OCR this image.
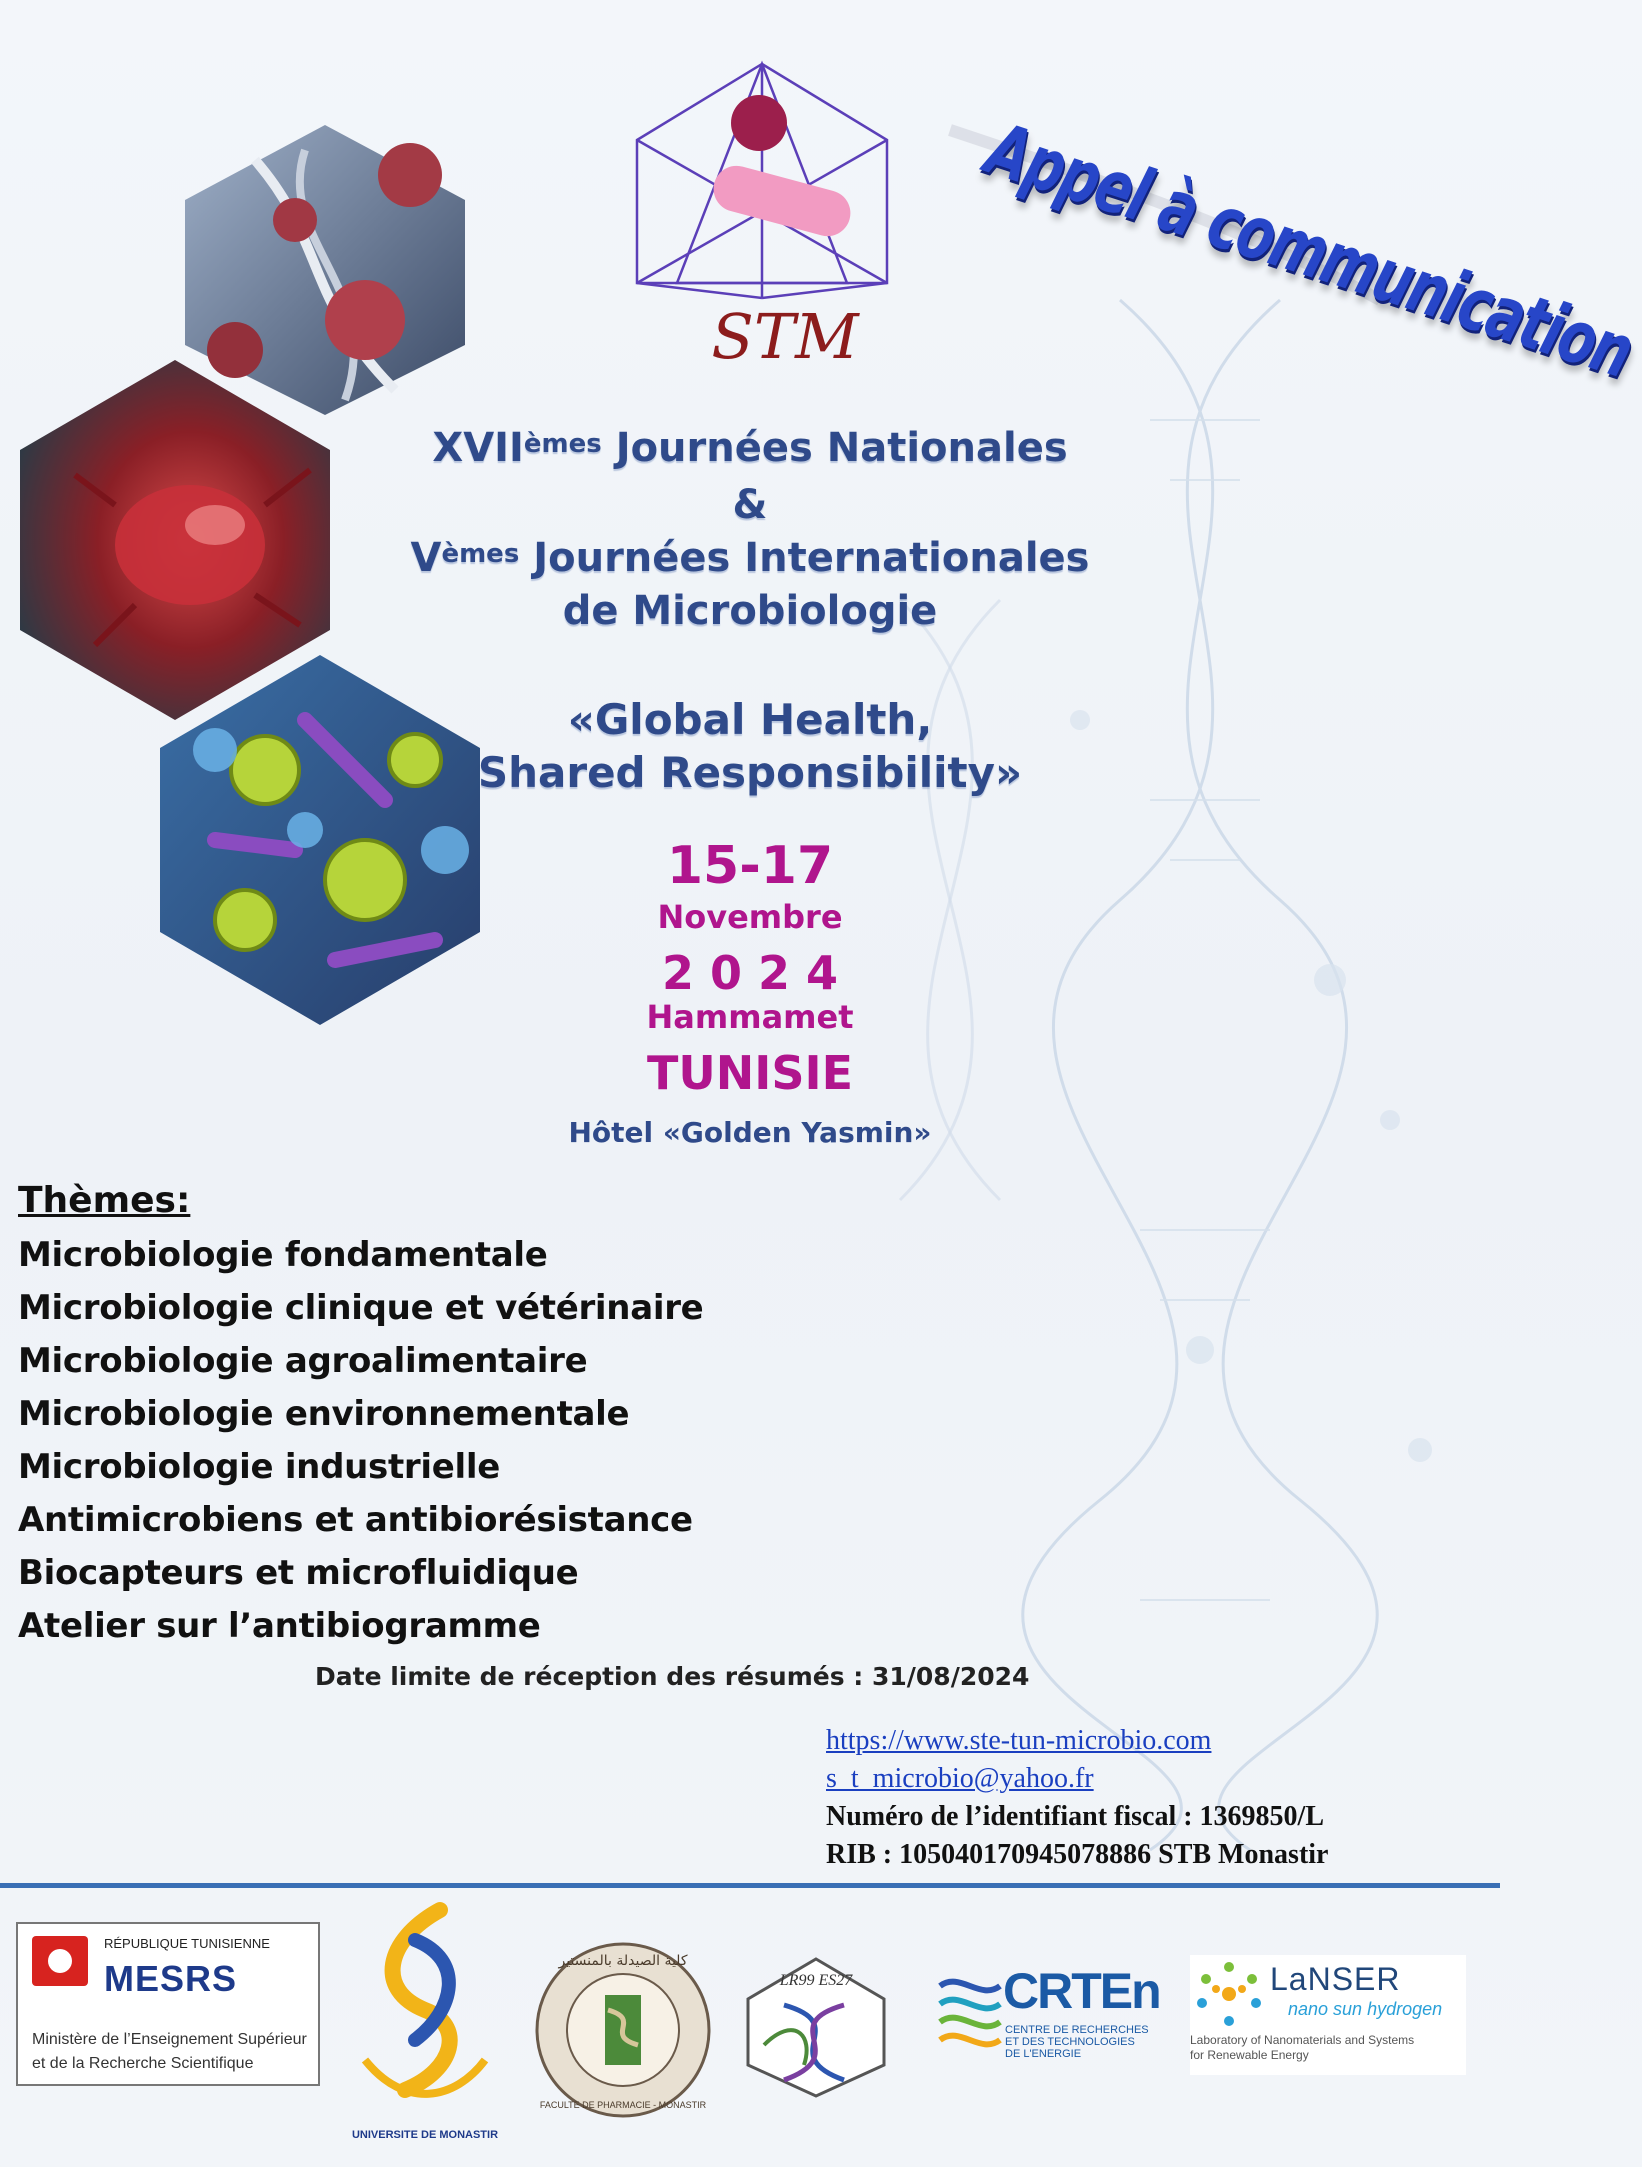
STM	Appel à communication
XVIIèmes Journées Nationales
&
Vèmes Journées Internationales
de Microbiologie
«Global Health,
Shared Responsibility»
15-17
Novembre
2 0 2 4
Hammamet
TUNISIE
Hôtel «Golden Yasmin»
Thèmes:
Microbiologie fondamentale
Microbiologie clinique et vétérinaire
Microbiologie agroalimentaire
Microbiologie environnementale
Microbiologie industrielle
Antimicrobiens et antibiorésistance
Biocapteurs et microfluidique
Atelier sur l’antibiogramme
Date limite de réception des résumés : 31/08/2024
https://www.ste-tun-microbio.com
s_t_microbio@yahoo.fr
Numéro de l’identifiant fiscal : 1369850/L
RIB : 105040170945078886 STB Monastir
RÉPUBLIQUE TUNISIENNE
MESRS
Ministère de l’Enseignement Supérieur
et de la Recherche Scientifique
UNIVERSITE DE MONASTIR
كلية الصيدلة بالمنستير
FACULTE DE PHARMACIE - MONASTIR
LR99 ES27	CRTEn
CENTRE DE RECHERCHES
ET DES TECHNOLOGIES
DE L'ENERGIE
LaNSER
nano sun hydrogen
Laboratory of Nanomaterials and Systems
for Renewable Energy
